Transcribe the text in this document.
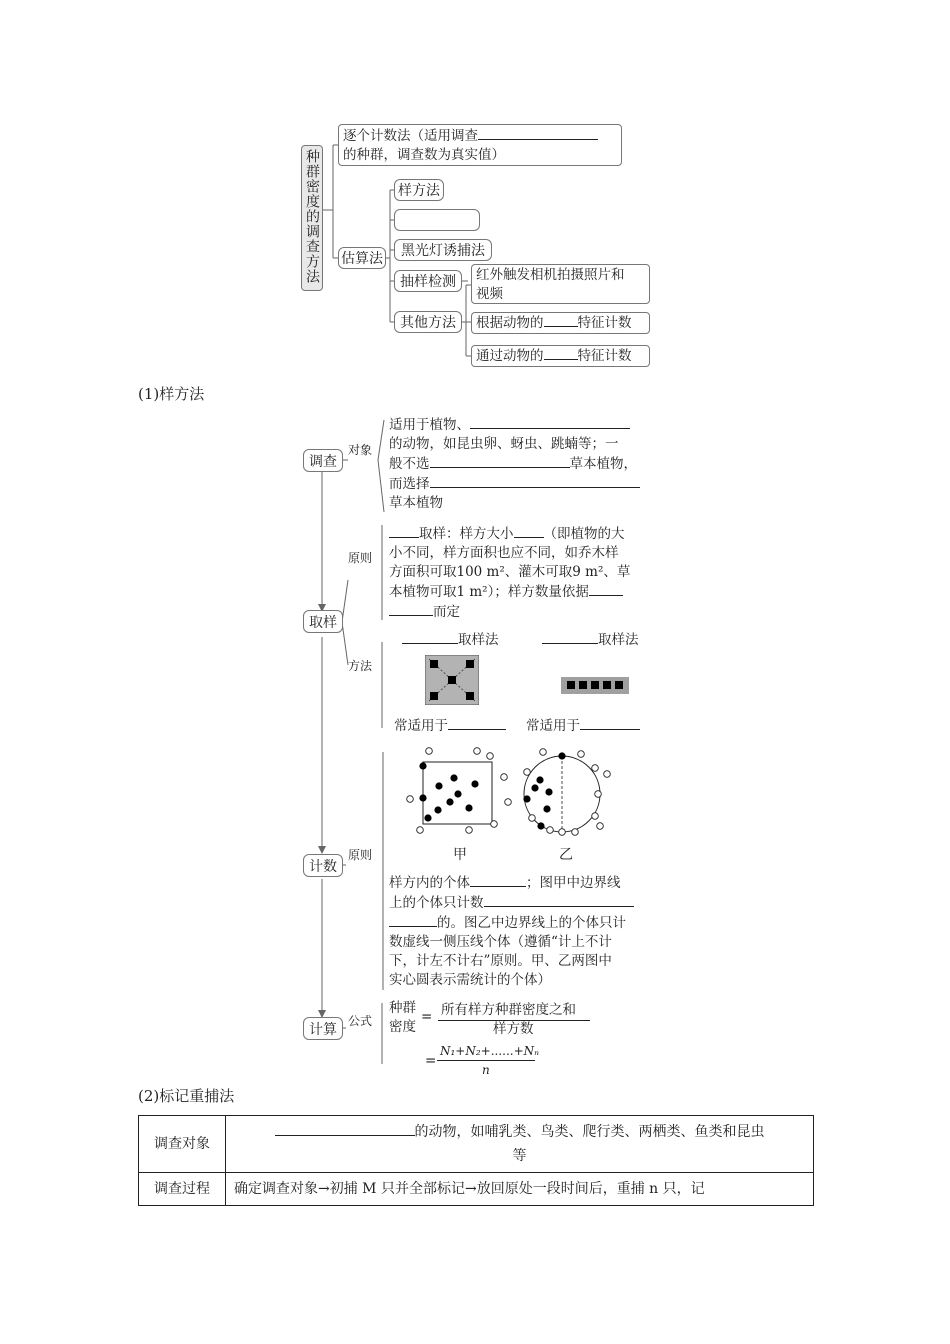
种群密度的调查方法
逐个计数法（适用调查
的种群，调查数为真实值）
估算法
样方法
黑光灯诱捕法
抽样检测
其他方法
红外触发相机拍摄照片和
视频
根据动物的	特征计数
通过动物的	特征计数
(1)样方法
调查
对象
适用于植物、
的动物，如昆虫卵、蚜虫、跳蝻等；一
般不选	草本植物，
而选择
草本植物
取样
原则
取样：样方大小 （即植物的大
小不同，样方面积也应不同，如乔木样
方面积可取100 m²、灌木可取9 m²、草
本植物可取1 m²）；样方数量依据
而定
方法
取样法	取样法
常适用于	常适用于
计数
原则	甲	乙
样方内的个体	；图甲中边界线
上的个体只计数
的。图乙中边界线上的个体只计
数虚线一侧压线个体（遵循“计上不计
下，计左不计右”原则。甲、乙两图中
实心圆表示需统计的个体）
计算
公式
种群
密度
= 所有样方种群密度之和
样方数
=
N₁+N₂+......+Nₙ
n
(2)标记重捕法
调查对象	的动物，如哺乳类、鸟类、爬行类、两栖类、鱼类和昆虫
等

调查过程	确定调查对象→初捕 M 只并全部标记→放回原处一段时间后，重捕 n 只，记
